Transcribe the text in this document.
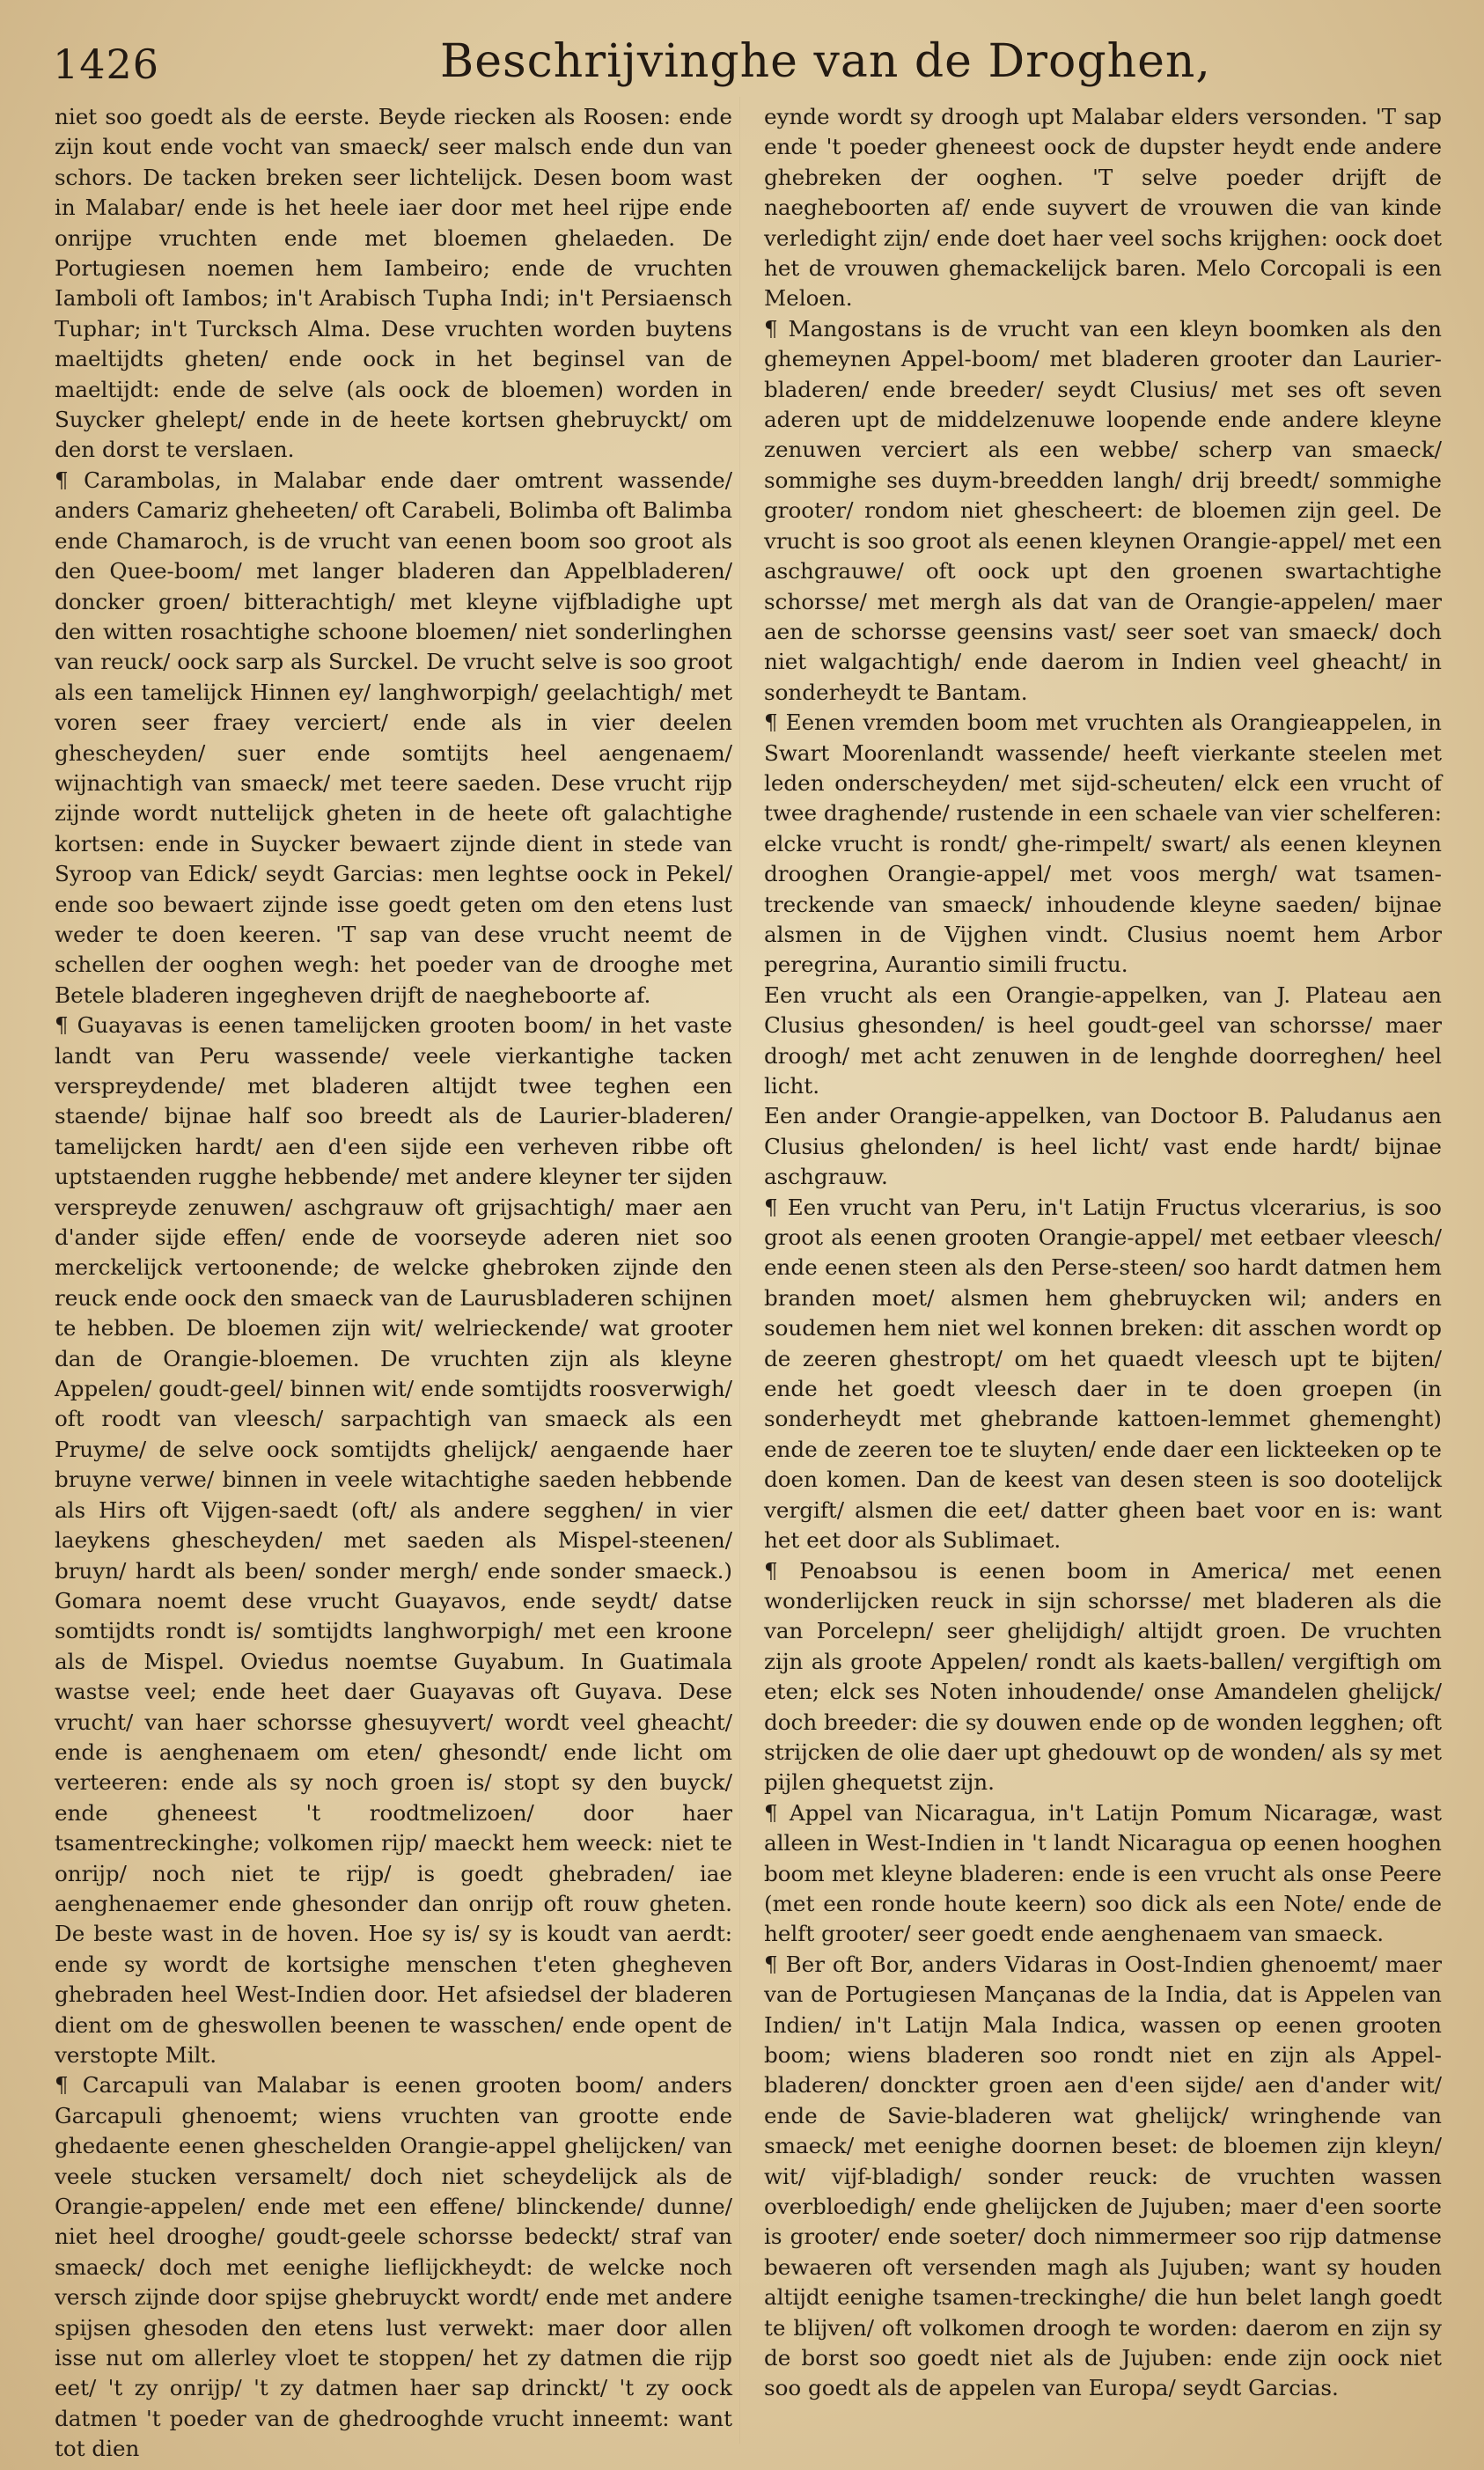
1426	Beschrijvinghe van de Droghen,

niet soo goedt als de eerste. Beyde riecken als Roosen: ende zijn kout ende vocht van smaeck/ seer malsch ende dun van schors. De tacken breken seer lichtelijck. Desen boom wast in Malabar/ ende is het heele iaer door met heel rijpe ende onrijpe vruchten ende met bloemen ghelaeden. De Portugiesen noemen hem Iambeiro; ende de vruchten Iamboli oft Iambos; in't Arabisch Tupha Indi; in't Persiaensch Tuphar; in't Turcksch Alma. Dese vruchten worden buytens maeltijdts gheten/ ende oock in het beginsel van de maeltijdt: ende de selve (als oock de bloemen) worden in Suycker ghelept/ ende in de heete kortsen ghebruyckt/ om den dorst te verslaen.

¶ Carambolas, in Malabar ende daer omtrent wassende/ anders Camariz gheheeten/ oft Carabeli, Bolimba oft Balimba ende Chamaroch, is de vrucht van eenen boom soo groot als den Quee-boom/ met langer bladeren dan Appelbladeren/ doncker groen/ bitterachtigh/ met kleyne vijfbladighe upt den witten rosachtighe schoone bloemen/ niet sonderlinghen van reuck/ oock sarp als Surckel. De vrucht selve is soo groot als een tamelijck Hinnen ey/ langhworpigh/ geelachtigh/ met voren seer fraey verciert/ ende als in vier deelen ghescheyden/ suer ende somtijts heel aengenaem/ wijnachtigh van smaeck/ met teere saeden. Dese vrucht rijp zijnde wordt nuttelijck gheten in de heete oft galachtighe kortsen: ende in Suycker bewaert zijnde dient in stede van Syroop van Edick/ seydt Garcias: men leghtse oock in Pekel/ ende soo bewaert zijnde isse goedt geten om den etens lust weder te doen keeren. 'T sap van dese vrucht neemt de schellen der ooghen wegh: het poeder van de drooghe met Betele bladeren ingegheven drijft de naegheboorte af.

¶ Guayavas is eenen tamelijcken grooten boom/ in het vaste landt van Peru wassende/ veele vierkantighe tacken verspreydende/ met bladeren altijdt twee teghen een staende/ bijnae half soo breedt als de Laurier-bladeren/ tamelijcken hardt/ aen d'een sijde een verheven ribbe oft uptstaenden rugghe hebbende/ met andere kleyner ter sijden verspreyde zenuwen/ aschgrauw oft grijsachtigh/ maer aen d'ander sijde effen/ ende de voorseyde aderen niet soo merckelijck vertoonende; de welcke ghebroken zijnde den reuck ende oock den smaeck van de Laurusbladeren schijnen te hebben. De bloemen zijn wit/ welrieckende/ wat grooter dan de Orangie-bloemen. De vruchten zijn als kleyne Appelen/ goudt-geel/ binnen wit/ ende somtijdts roosverwigh/ oft roodt van vleesch/ sarpachtigh van smaeck als een Pruyme/ de selve oock somtijdts ghelijck/ aengaende haer bruyne verwe/ binnen in veele witachtighe saeden hebbende als Hirs oft Vijgen-saedt (oft/ als andere segghen/ in vier laeykens ghescheyden/ met saeden als Mispel-steenen/ bruyn/ hardt als been/ sonder mergh/ ende sonder smaeck.) Gomara noemt dese vrucht Guayavos, ende seydt/ datse somtijdts rondt is/ somtijdts langhworpigh/ met een kroone als de Mispel. Oviedus noemtse Guyabum. In Guatimala wastse veel; ende heet daer Guayavas oft Guyava. Dese vrucht/ van haer schorsse ghesuyvert/ wordt veel gheacht/ ende is aenghenaem om eten/ ghesondt/ ende licht om verteeren: ende als sy noch groen is/ stopt sy den buyck/ ende gheneest 't roodtmelizoen/ door haer tsamentreckinghe; volkomen rijp/ maeckt hem weeck: niet te onrijp/ noch niet te rijp/ is goedt ghebraden/ iae aenghenaemer ende ghesonder dan onrijp oft rouw gheten. De beste wast in de hoven. Hoe sy is/ sy is koudt van aerdt: ende sy wordt de kortsighe menschen t'eten ghegheven ghebraden heel West-Indien door. Het afsiedsel der bladeren dient om de gheswollen beenen te wasschen/ ende opent de verstopte Milt.

¶ Carcapuli van Malabar is eenen grooten boom/ anders Garcapuli ghenoemt; wiens vruchten van grootte ende ghedaente eenen gheschelden Orangie-appel ghelijcken/ van veele stucken versamelt/ doch niet scheydelijck als de Orangie-appelen/ ende met een effene/ blinckende/ dunne/ niet heel drooghe/ goudt-geele schorsse bedeckt/ straf van smaeck/ doch met eenighe lieflijckheydt: de welcke noch versch zijnde door spijse ghebruyckt wordt/ ende met andere spijsen ghesoden den etens lust verwekt: maer door allen isse nut om allerley vloet te stoppen/ het zy datmen die rijp eet/ 't zy onrijp/ 't zy datmen haer sap drinckt/ 't zy oock datmen 't poeder van de ghedrooghde vrucht inneemt: want tot dien

eynde wordt sy droogh upt Malabar elders versonden. 'T sap ende 't poeder gheneest oock de dupster heydt ende andere ghebreken der ooghen. 'T selve poeder drijft de naegheboorten af/ ende suyvert de vrouwen die van kinde verledight zijn/ ende doet haer veel sochs krijghen: oock doet het de vrouwen ghemackelijck baren. Melo Corcopali is een Meloen.

¶ Mangostans is de vrucht van een kleyn boomken als den ghemeynen Appel-boom/ met bladeren grooter dan Laurier-bladeren/ ende breeder/ seydt Clusius/ met ses oft seven aderen upt de middelzenuwe loopende ende andere kleyne zenuwen verciert als een webbe/ scherp van smaeck/ sommighe ses duym-breedden langh/ drij breedt/ sommighe grooter/ rondom niet ghescheert: de bloemen zijn geel. De vrucht is soo groot als eenen kleynen Orangie-appel/ met een aschgrauwe/ oft oock upt den groenen swartachtighe schorsse/ met mergh als dat van de Orangie-appelen/ maer aen de schorsse geensins vast/ seer soet van smaeck/ doch niet walgachtigh/ ende daerom in Indien veel gheacht/ in sonderheydt te Bantam.

¶ Eenen vremden boom met vruchten als Orangieappelen, in Swart Moorenlandt wassende/ heeft vierkante steelen met leden onderscheyden/ met sijd-scheuten/ elck een vrucht of twee draghende/ rustende in een schaele van vier schelferen: elcke vrucht is rondt/ ghe-rimpelt/ swart/ als eenen kleynen drooghen Orangie-appel/ met voos mergh/ wat tsamen-treckende van smaeck/ inhoudende kleyne saeden/ bijnae alsmen in de Vijghen vindt. Clusius noemt hem Arbor peregrina, Aurantio simili fructu.

Een vrucht als een Orangie-appelken, van J. Plateau aen Clusius ghesonden/ is heel goudt-geel van schorsse/ maer droogh/ met acht zenuwen in de lenghde doorreghen/ heel licht.

Een ander Orangie-appelken, van Doctoor B. Paludanus aen Clusius ghelonden/ is heel licht/ vast ende hardt/ bijnae aschgrauw.

¶ Een vrucht van Peru, in't Latijn Fructus vlcerarius, is soo groot als eenen grooten Orangie-appel/ met eetbaer vleesch/ ende eenen steen als den Perse-steen/ soo hardt datmen hem branden moet/ alsmen hem ghebruycken wil; anders en soudemen hem niet wel konnen breken: dit asschen wordt op de zeeren ghestropt/ om het quaedt vleesch upt te bijten/ ende het goedt vleesch daer in te doen groepen (in sonderheydt met ghebrande kattoen-lemmet ghemenght) ende de zeeren toe te sluyten/ ende daer een lickteeken op te doen komen. Dan de keest van desen steen is soo dootelijck vergift/ alsmen die eet/ datter gheen baet voor en is: want het eet door als Sublimaet.

¶ Penoabsou is eenen boom in America/ met eenen wonderlijcken reuck in sijn schorsse/ met bladeren als die van Porcelepn/ seer ghelijdigh/ altijdt groen. De vruchten zijn als groote Appelen/ rondt als kaets-ballen/ vergiftigh om eten; elck ses Noten inhoudende/ onse Amandelen ghelijck/ doch breeder: die sy douwen ende op de wonden legghen; oft strijcken de olie daer upt ghedouwt op de wonden/ als sy met pijlen ghequetst zijn.

¶ Appel van Nicaragua, in't Latijn Pomum Nicaragæ, wast alleen in West-Indien in 't landt Nicaragua op eenen hooghen boom met kleyne bladeren: ende is een vrucht als onse Peere (met een ronde houte keern) soo dick als een Note/ ende de helft grooter/ seer goedt ende aenghenaem van smaeck.

¶ Ber oft Bor, anders Vidaras in Oost-Indien ghenoemt/ maer van de Portugiesen Mançanas de la India, dat is Appelen van Indien/ in't Latijn Mala Indica, wassen op eenen grooten boom; wiens bladeren soo rondt niet en zijn als Appel-bladeren/ donckter groen aen d'een sijde/ aen d'ander wit/ ende de Savie-bladeren wat ghelijck/ wringhende van smaeck/ met eenighe doornen beset: de bloemen zijn kleyn/ wit/ vijf-bladigh/ sonder reuck: de vruchten wassen overbloedigh/ ende ghelijcken de Jujuben; maer d'een soorte is grooter/ ende soeter/ doch nimmermeer soo rijp datmense bewaeren oft versenden magh als Jujuben; want sy houden altijdt eenighe tsamen-treckinghe/ die hun belet langh goedt te blijven/ oft volkomen droogh te worden: daerom en zijn sy de borst soo goedt niet als de Jujuben: ende zijn oock niet soo goedt als de appelen van Europa/ seydt Garcias.
